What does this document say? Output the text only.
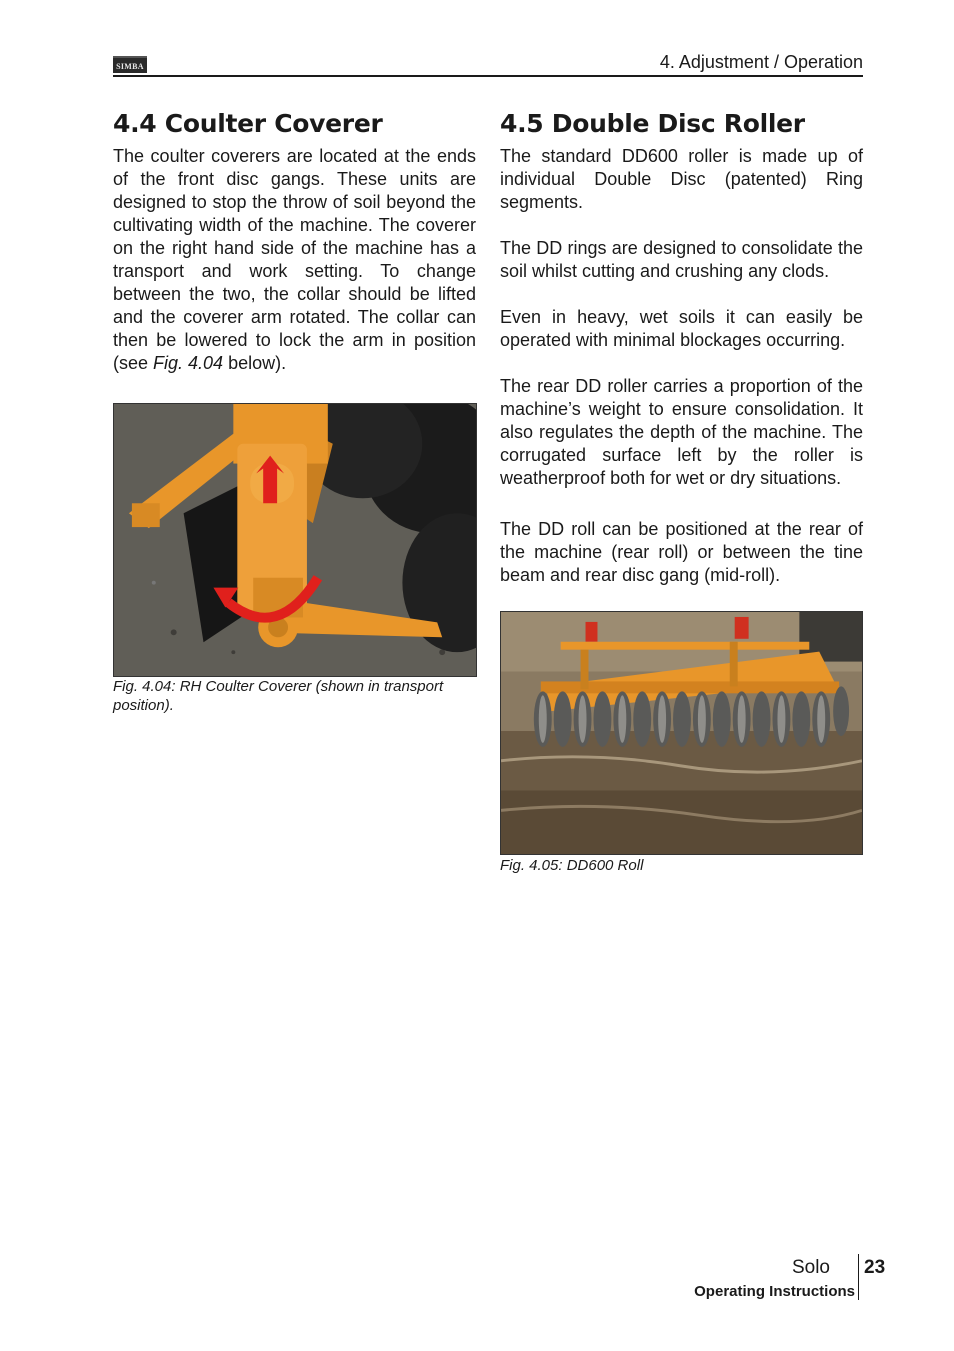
SIMBA	4. Adjustment / Operation
4.4 Coulter Coverer

The coulter coverers are located at the ends of the front disc gangs. These units are designed to stop the throw of soil beyond the cultivating width of the machine. The coverer on the right hand side of the machine has a transport and work setting. To change between the two, the collar should be lifted and the coverer arm rotated. The collar can then be lowered to lock the arm in position (see Fig. 4.04 below).

Fig. 4.04: RH Coulter Coverer (shown in transport position).
4.5 Double Disc Roller

The standard DD600 roller is made up of individual Double Disc (patented) Ring segments.

The DD rings are designed to consolidate the soil whilst cutting and crushing any clods.

Even in heavy, wet soils it can easily be operated with minimal blockages occurring.

The rear DD roller carries a proportion of the machine’s weight to ensure consolidation. It also regulates the depth of the machine. The corrugated surface left by the roller is weatherproof both for wet or dry situations.

The DD roll can be positioned at the rear of the machine (rear roll) or between the tine beam and rear disc gang (mid-roll).

Fig. 4.05: DD600 Roll
Solo 23
Operating Instructions
